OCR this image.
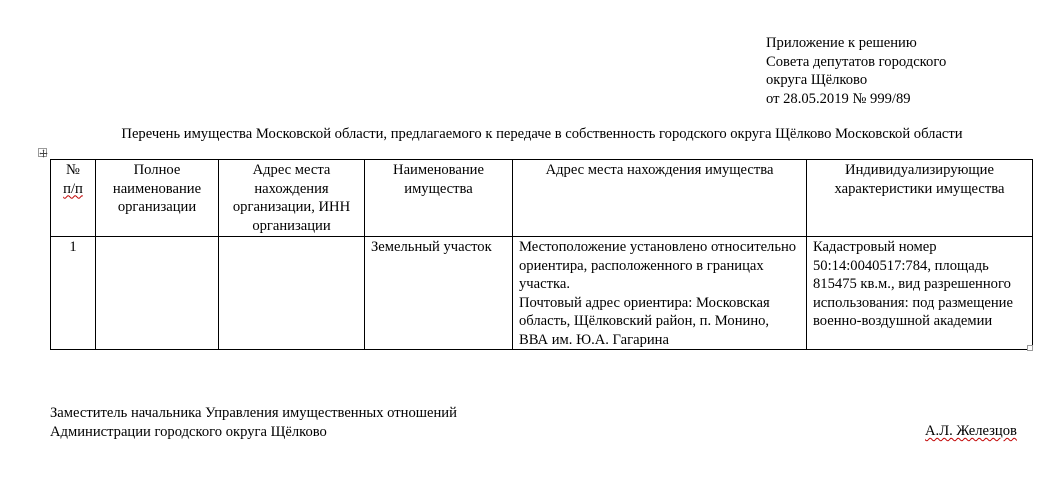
Приложение к решению
Совета депутатов городского
округа Щёлково
от 28.05.2019 № 999/89
Перечень имущества Московской области, предлагаемого к передаче в собственность городского округа Щёлково Московской области
№
п/п	Полное наименование организации	Адрес места нахождения организации, ИНН организации	Наименование имущества	Адрес места нахождения имущества	Индивидуализирующие характеристики имущества
1			Земельный участок	Местоположение установлено относительно ориентира, расположенного в границах участка.
Почтовый адрес ориентира: Московская область, Щёлковский район, п. Монино, ВВА им. Ю.А. Гагарина	Кадастровый номер 50:14:0040517:784, площадь 815475 кв.м., вид разрешенного использования: под размещение военно-воздушной академии
Заместитель начальника Управления имущественных отношений
Администрации городского округа Щёлково	А.Л. Железцов
